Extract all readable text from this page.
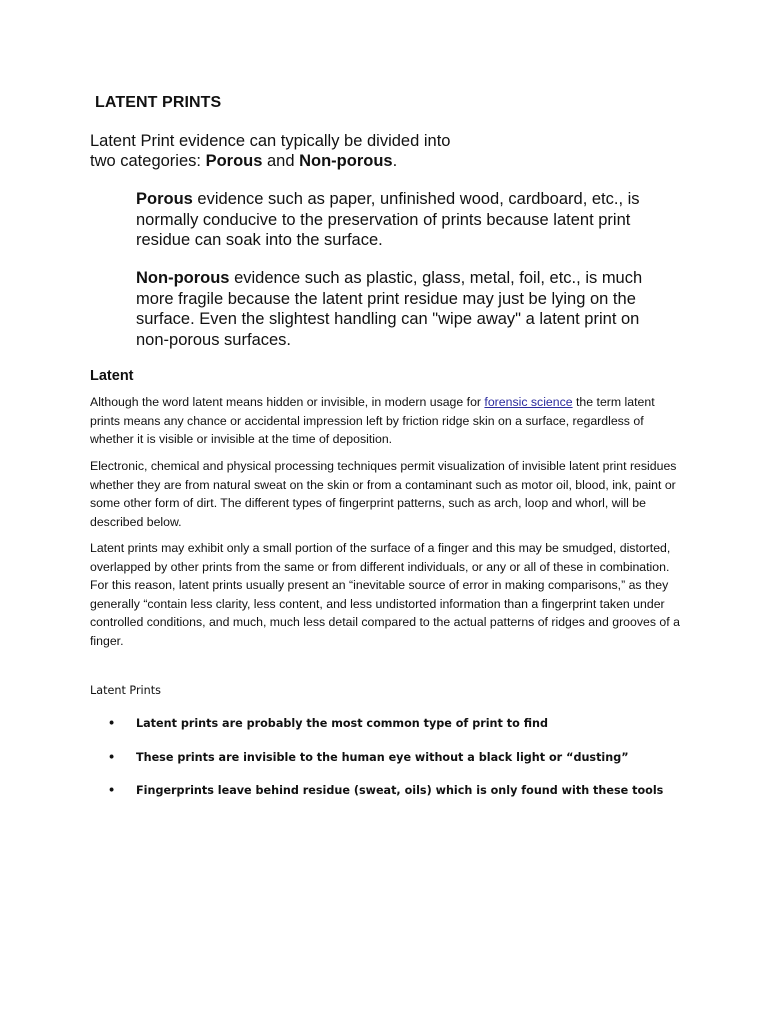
LATENT PRINTS

Latent Print evidence can typically be divided into
two categories: Porous and Non-porous.

Porous evidence such as paper, unfinished wood, cardboard, etc., is normally conducive to the preservation of prints because latent print residue can soak into the surface.

Non-porous evidence such as plastic, glass, metal, foil, etc., is much more fragile because the latent print residue may just be lying on the surface. Even the slightest handling can "wipe away" a latent print on non-porous surfaces.

Latent

Although the word latent means hidden or invisible, in modern usage for forensic science the term latent prints means any chance or accidental impression left by friction ridge skin on a surface, regardless of whether it is visible or invisible at the time of deposition.

Electronic, chemical and physical processing techniques permit visualization of invisible latent print residues whether they are from natural sweat on the skin or from a contaminant such as motor oil, blood, ink, paint or some other form of dirt. The different types of fingerprint patterns, such as arch, loop and whorl, will be described below.

Latent prints may exhibit only a small portion of the surface of a finger and this may be smudged, distorted, overlapped by other prints from the same or from different individuals, or any or all of these in combination. For this reason, latent prints usually present an “inevitable source of error in making comparisons,” as they generally “contain less clarity, less content, and less undistorted information than a fingerprint taken under controlled conditions, and much, much less detail compared to the actual patterns of ridges and grooves of a finger.

Latent Prints

• Latent prints are probably the most common type of print to find
• These prints are invisible to the human eye without a black light or “dusting”
• Fingerprints leave behind residue (sweat, oils) which is only found with these tools
